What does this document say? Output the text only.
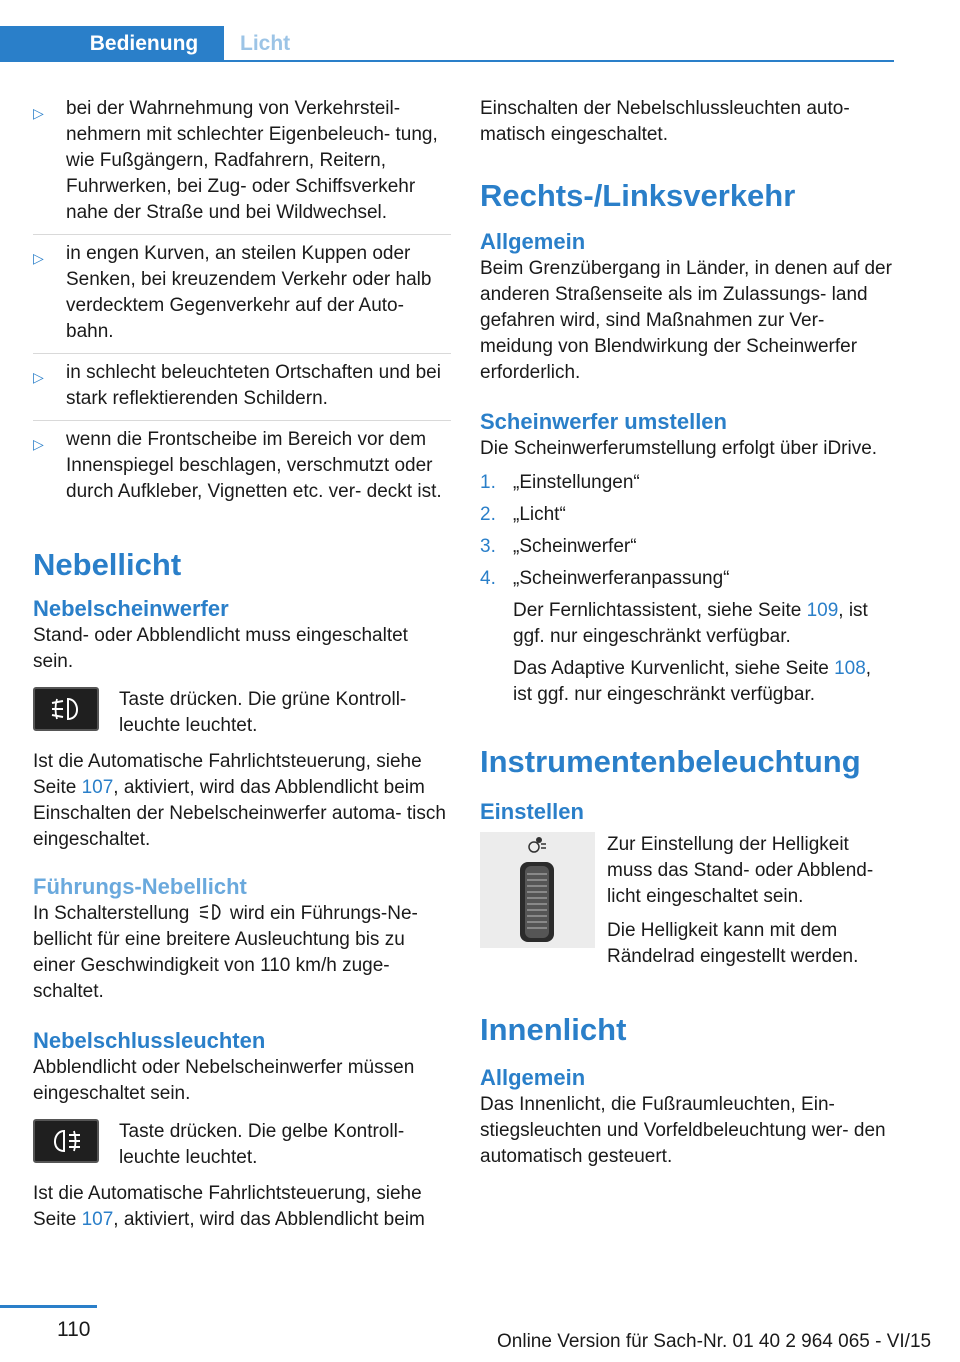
Bedienung Licht
▷ bei der Wahrnehmung von Verkehrsteil‐ nehmern mit schlechter Eigenbeleuch‐ tung, wie Fußgängern, Radfahrern, Reitern, Fuhrwerken, bei Zug- oder Schiffsverkehr nahe der Straße und bei Wildwechsel.
▷ in engen Kurven, an steilen Kuppen oder Senken, bei kreuzendem Verkehr oder halb verdecktem Gegenverkehr auf der Auto‐ bahn.
▷ in schlecht beleuchteten Ortschaften und bei stark reflektierenden Schildern.
▷ wenn die Frontscheibe im Bereich vor dem Innenspiegel beschlagen, verschmutzt oder durch Aufkleber, Vignetten etc. ver‐ deckt ist.
Nebellicht
Nebelscheinwerfer

Stand- oder Abblendlicht muss eingeschaltet sein.

Taste drücken. Die grüne Kontroll‐ leuchte leuchtet.

Ist die Automatische Fahrlichtsteuerung, siehe Seite 107, aktiviert, wird das Abblendlicht beim Einschalten der Nebelscheinwerfer automa‐ tisch eingeschaltet.

Führungs-Nebellicht

In Schalterstellung  wird ein Führungs-Ne‐ bellicht für eine breitere Ausleuchtung bis zu einer Geschwindigkeit von 110 km/h zuge‐ schaltet.

Nebelschlussleuchten

Abblendlicht oder Nebelscheinwerfer müssen eingeschaltet sein.

Taste drücken. Die gelbe Kontroll‐ leuchte leuchtet.

Ist die Automatische Fahrlichtsteuerung, siehe Seite 107, aktiviert, wird das Abblendlicht beim

Einschalten der Nebelschlussleuchten auto‐ matisch eingeschaltet.

Rechts-/Linksverkehr
Allgemein

Beim Grenzübergang in Länder, in denen auf der anderen Straßenseite als im Zulassungs‐ land gefahren wird, sind Maßnahmen zur Ver‐ meidung von Blendwirkung der Scheinwerfer erforderlich.

Scheinwerfer umstellen

Die Scheinwerferumstellung erfolgt über iDrive.

1. „Einstellungen“
2. „Licht“
3. „Scheinwerfer“
4. „Scheinwerferanpassung“

Der Fernlichtassistent, siehe Seite 109, ist ggf. nur eingeschränkt verfügbar.

Das Adaptive Kurvenlicht, siehe Seite 108, ist ggf. nur eingeschränkt verfügbar.

Instrumentenbeleuchtung
Einstellen

Zur Einstellung der Helligkeit muss das Stand- oder Abblend‐ licht eingeschaltet sein.

Die Helligkeit kann mit dem Rändelrad eingestellt werden.

Innenlicht
Allgemein

Das Innenlicht, die Fußraumleuchten, Ein‐ stiegsleuchten und Vorfeldbeleuchtung wer‐ den automatisch gesteuert.

110
Online Version für Sach-Nr. 01 40 2 964 065 - VI/15
